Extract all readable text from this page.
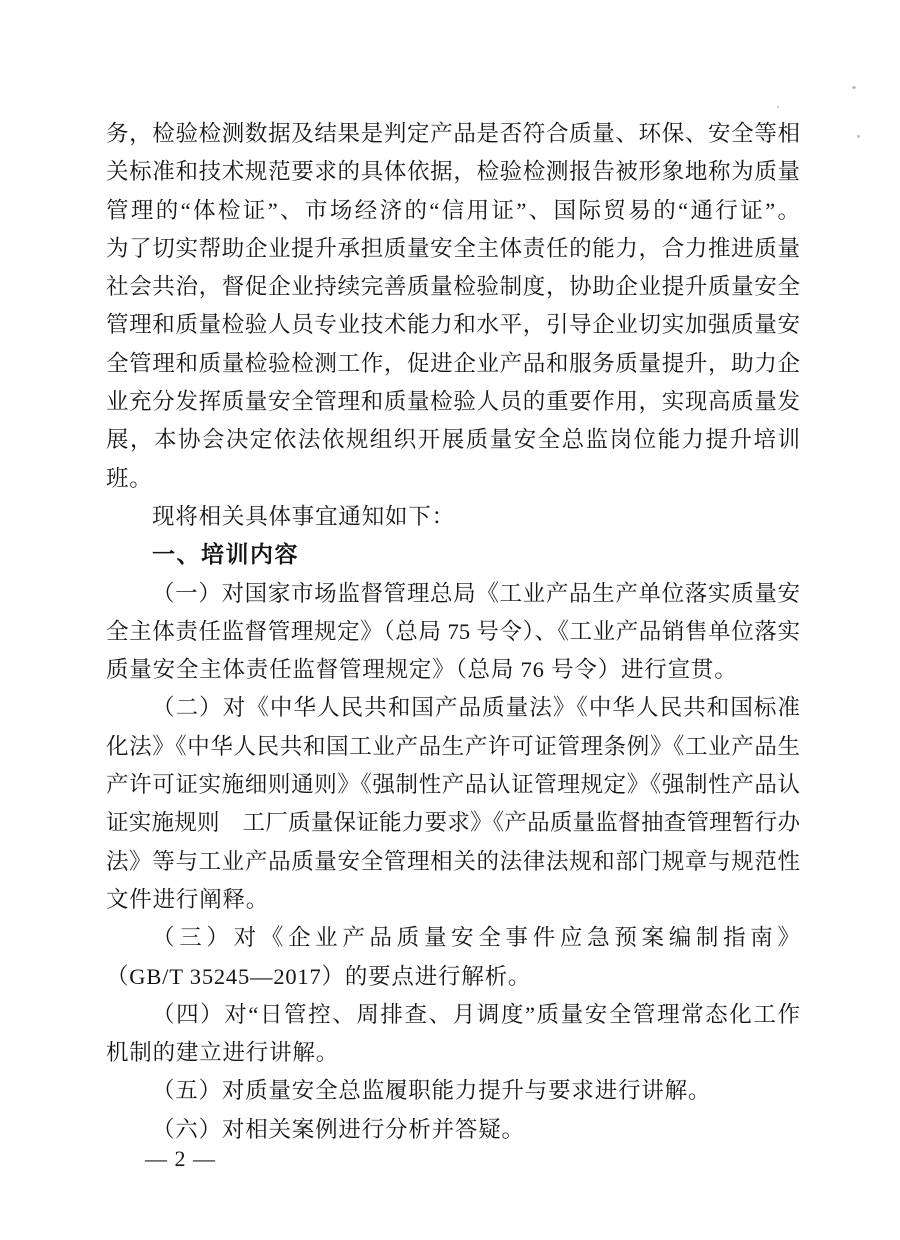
务，检验检测数据及结果是判定产品是否符合质量、环保、安全等相
关标准和技术规范要求的具体依据，检验检测报告被形象地称为质量
管理的“体检证”、市场经济的“信用证”、国际贸易的“通行证”。
为了切实帮助企业提升承担质量安全主体责任的能力，合力推进质量
社会共治，督促企业持续完善质量检验制度，协助企业提升质量安全
管理和质量检验人员专业技术能力和水平，引导企业切实加强质量安
全管理和质量检验检测工作，促进企业产品和服务质量提升，助力企
业充分发挥质量安全管理和质量检验人员的重要作用，实现高质量发
展，本协会决定依法依规组织开展质量安全总监岗位能力提升培训
班。
现将相关具体事宜通知如下：
一、培训内容
（一）对国家市场监督管理总局《工业产品生产单位落实质量安
全主体责任监督管理规定》（总局 75 号令）、《工业产品销售单位落实
质量安全主体责任监督管理规定》（总局 76 号令）进行宣贯。
（二）对《中华人民共和国产品质量法》《中华人民共和国标准
化法》《中华人民共和国工业产品生产许可证管理条例》《工业产品生
产许可证实施细则通则》《强制性产品认证管理规定》《强制性产品认
证实施规则　工厂质量保证能力要求》《产品质量监督抽查管理暂行办
法》等与工业产品质量安全管理相关的法律法规和部门规章与规范性
文件进行阐释。
（三）对《企业产品质量安全事件应急预案编制指南》
（GB/T 35245—2017）的要点进行解析。
（四）对“日管控、周排查、月调度”质量安全管理常态化工作
机制的建立进行讲解。
（五）对质量安全总监履职能力提升与要求进行讲解。
（六）对相关案例进行分析并答疑。
— 2 —
